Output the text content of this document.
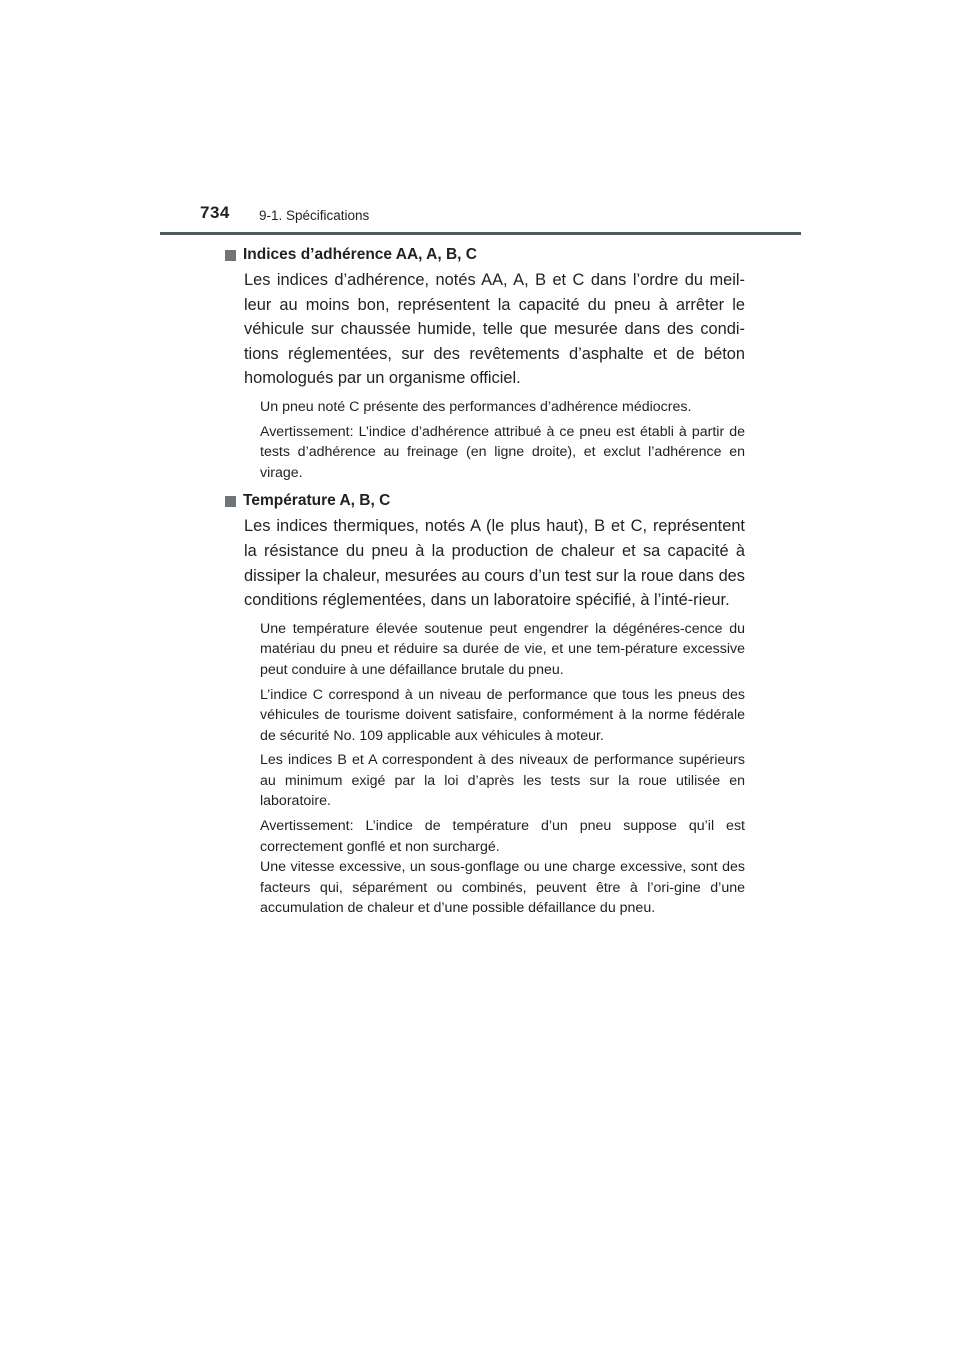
734 9-1. Spécifications
Indices d’adhérence AA, A, B, C

Les indices d’adhérence, notés AA, A, B et C dans l’ordre du meil-leur au moins bon, représentent la capacité du pneu à arrêter le véhicule sur chaussée humide, telle que mesurée dans des condi-tions réglementées, sur des revêtements d’asphalte et de béton homologués par un organisme officiel.

Un pneu noté C présente des performances d’adhérence médiocres.

Avertissement: L’indice d’adhérence attribué à ce pneu est établi à partir de tests d’adhérence au freinage (en ligne droite), et exclut l’adhérence en virage.

Température A, B, C

Les indices thermiques, notés A (le plus haut), B et C, représentent la résistance du pneu à la production de chaleur et sa capacité à dissiper la chaleur, mesurées au cours d’un test sur la roue dans des conditions réglementées, dans un laboratoire spécifié, à l’inté-rieur.

Une température élevée soutenue peut engendrer la dégénéres-cence du matériau du pneu et réduire sa durée de vie, et une tem-pérature excessive peut conduire à une défaillance brutale du pneu.

L’indice C correspond à un niveau de performance que tous les pneus des véhicules de tourisme doivent satisfaire, conformément à la norme fédérale de sécurité No. 109 applicable aux véhicules à moteur.

Les indices B et A correspondent à des niveaux de performance supérieurs au minimum exigé par la loi d’après les tests sur la roue utilisée en laboratoire.

Avertissement: L’indice de température d’un pneu suppose qu’il est correctement gonflé et non surchargé.

Une vitesse excessive, un sous-gonflage ou une charge excessive, sont des facteurs qui, séparément ou combinés, peuvent être à l’ori-gine d’une accumulation de chaleur et d’une possible défaillance du pneu.
